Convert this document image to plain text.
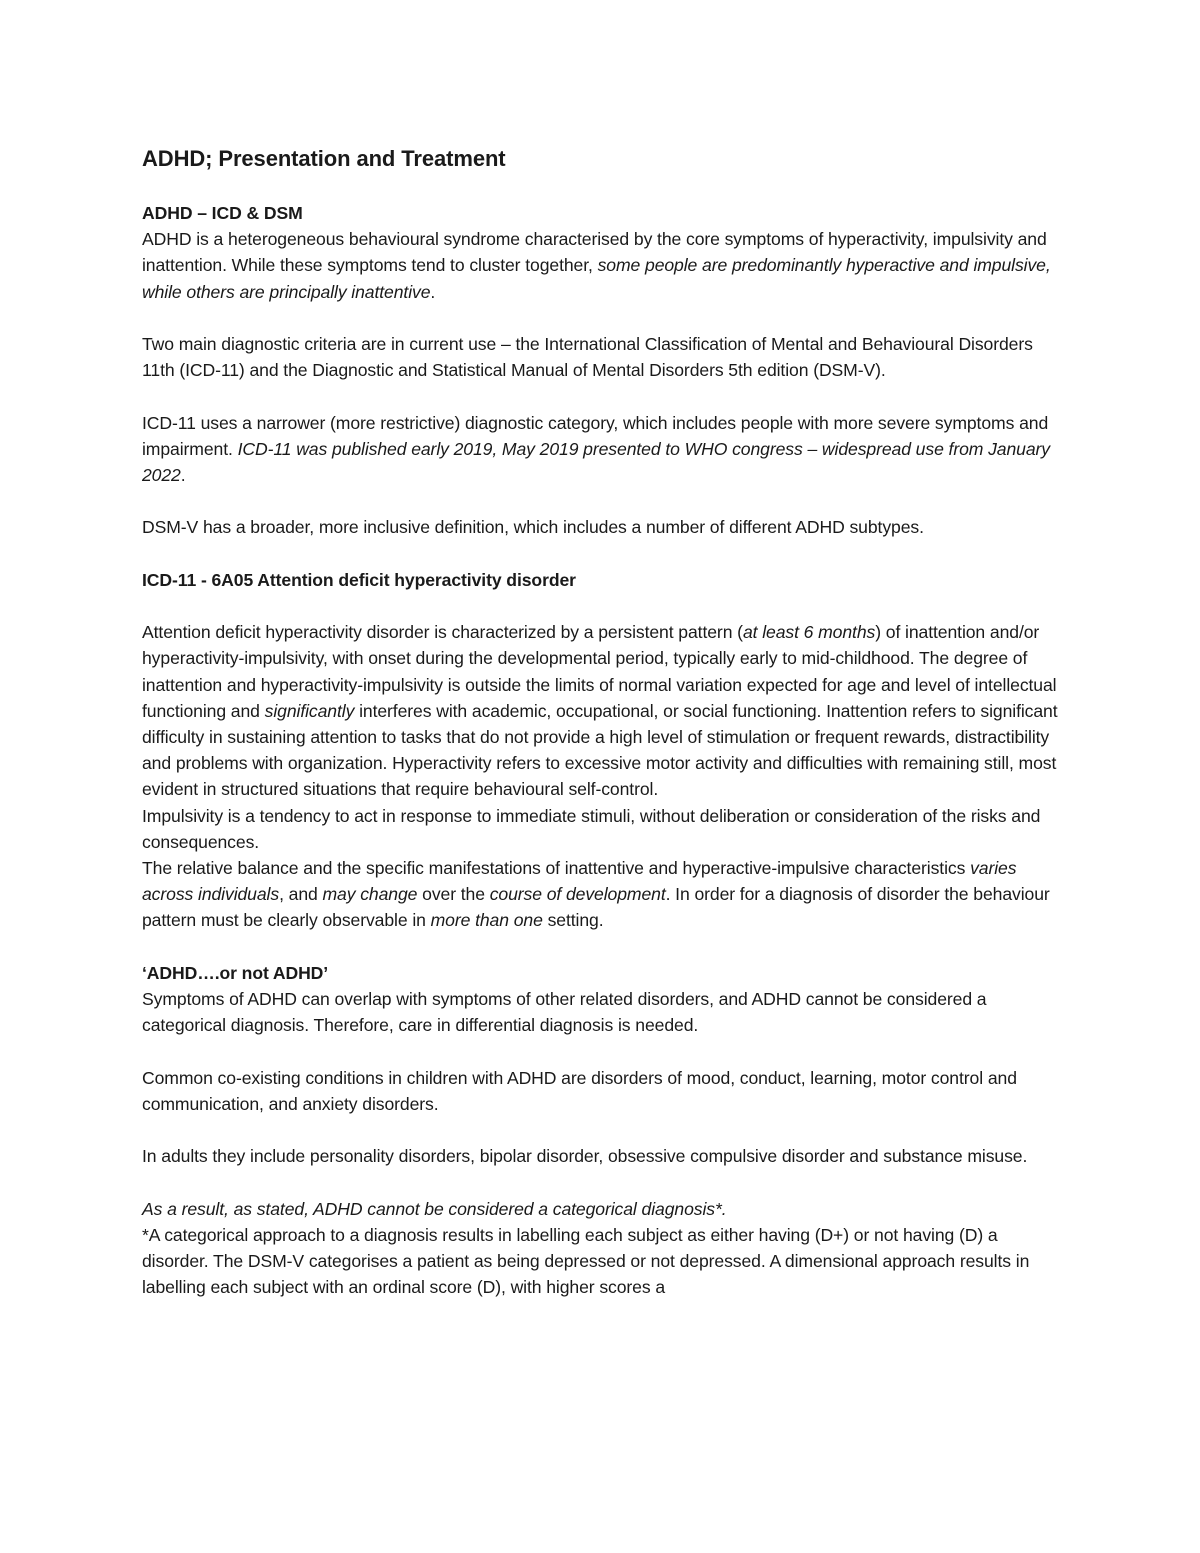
ADHD; Presentation and Treatment
ADHD – ICD & DSM

ADHD is a heterogeneous behavioural syndrome characterised by the core symptoms of hyperactivity, impulsivity and inattention. While these symptoms tend to cluster together, some people are predominantly hyperactive and impulsive, while others are principally inattentive.

Two main diagnostic criteria are in current use – the International Classification of Mental and Behavioural Disorders 11th (ICD-11) and the Diagnostic and Statistical Manual of Mental Disorders 5th edition (DSM-V).

ICD-11 uses a narrower (more restrictive) diagnostic category, which includes people with more severe symptoms and impairment. ICD-11 was published early 2019, May 2019 presented to WHO congress – widespread use from January 2022.

DSM-V has a broader, more inclusive definition, which includes a number of different ADHD subtypes.

ICD-11 - 6A05 Attention deficit hyperactivity disorder

Attention deficit hyperactivity disorder is characterized by a persistent pattern (at least 6 months) of inattention and/or hyperactivity-impulsivity, with onset during the developmental period, typically early to mid-childhood. The degree of inattention and hyperactivity-impulsivity is outside the limits of normal variation expected for age and level of intellectual functioning and significantly interferes with academic, occupational, or social functioning. Inattention refers to significant difficulty in sustaining attention to tasks that do not provide a high level of stimulation or frequent rewards, distractibility and problems with organization. Hyperactivity refers to excessive motor activity and difficulties with remaining still, most evident in structured situations that require behavioural self-control.

Impulsivity is a tendency to act in response to immediate stimuli, without deliberation or consideration of the risks and consequences.

The relative balance and the specific manifestations of inattentive and hyperactive-impulsive characteristics varies across individuals, and may change over the course of development. In order for a diagnosis of disorder the behaviour pattern must be clearly observable in more than one setting.

‘ADHD….or not ADHD’

Symptoms of ADHD can overlap with symptoms of other related disorders, and ADHD cannot be considered a categorical diagnosis. Therefore, care in differential diagnosis is needed.

Common co-existing conditions in children with ADHD are disorders of mood, conduct, learning, motor control and communication, and anxiety disorders.

In adults they include personality disorders, bipolar disorder, obsessive compulsive disorder and substance misuse.

As a result, as stated, ADHD cannot be considered a categorical diagnosis*.

*A categorical approach to a diagnosis results in labelling each subject as either having (D+) or not having (D) a disorder. The DSM-V categorises a patient as being depressed or not depressed. A dimensional approach results in labelling each subject with an ordinal score (D), with higher scores a
